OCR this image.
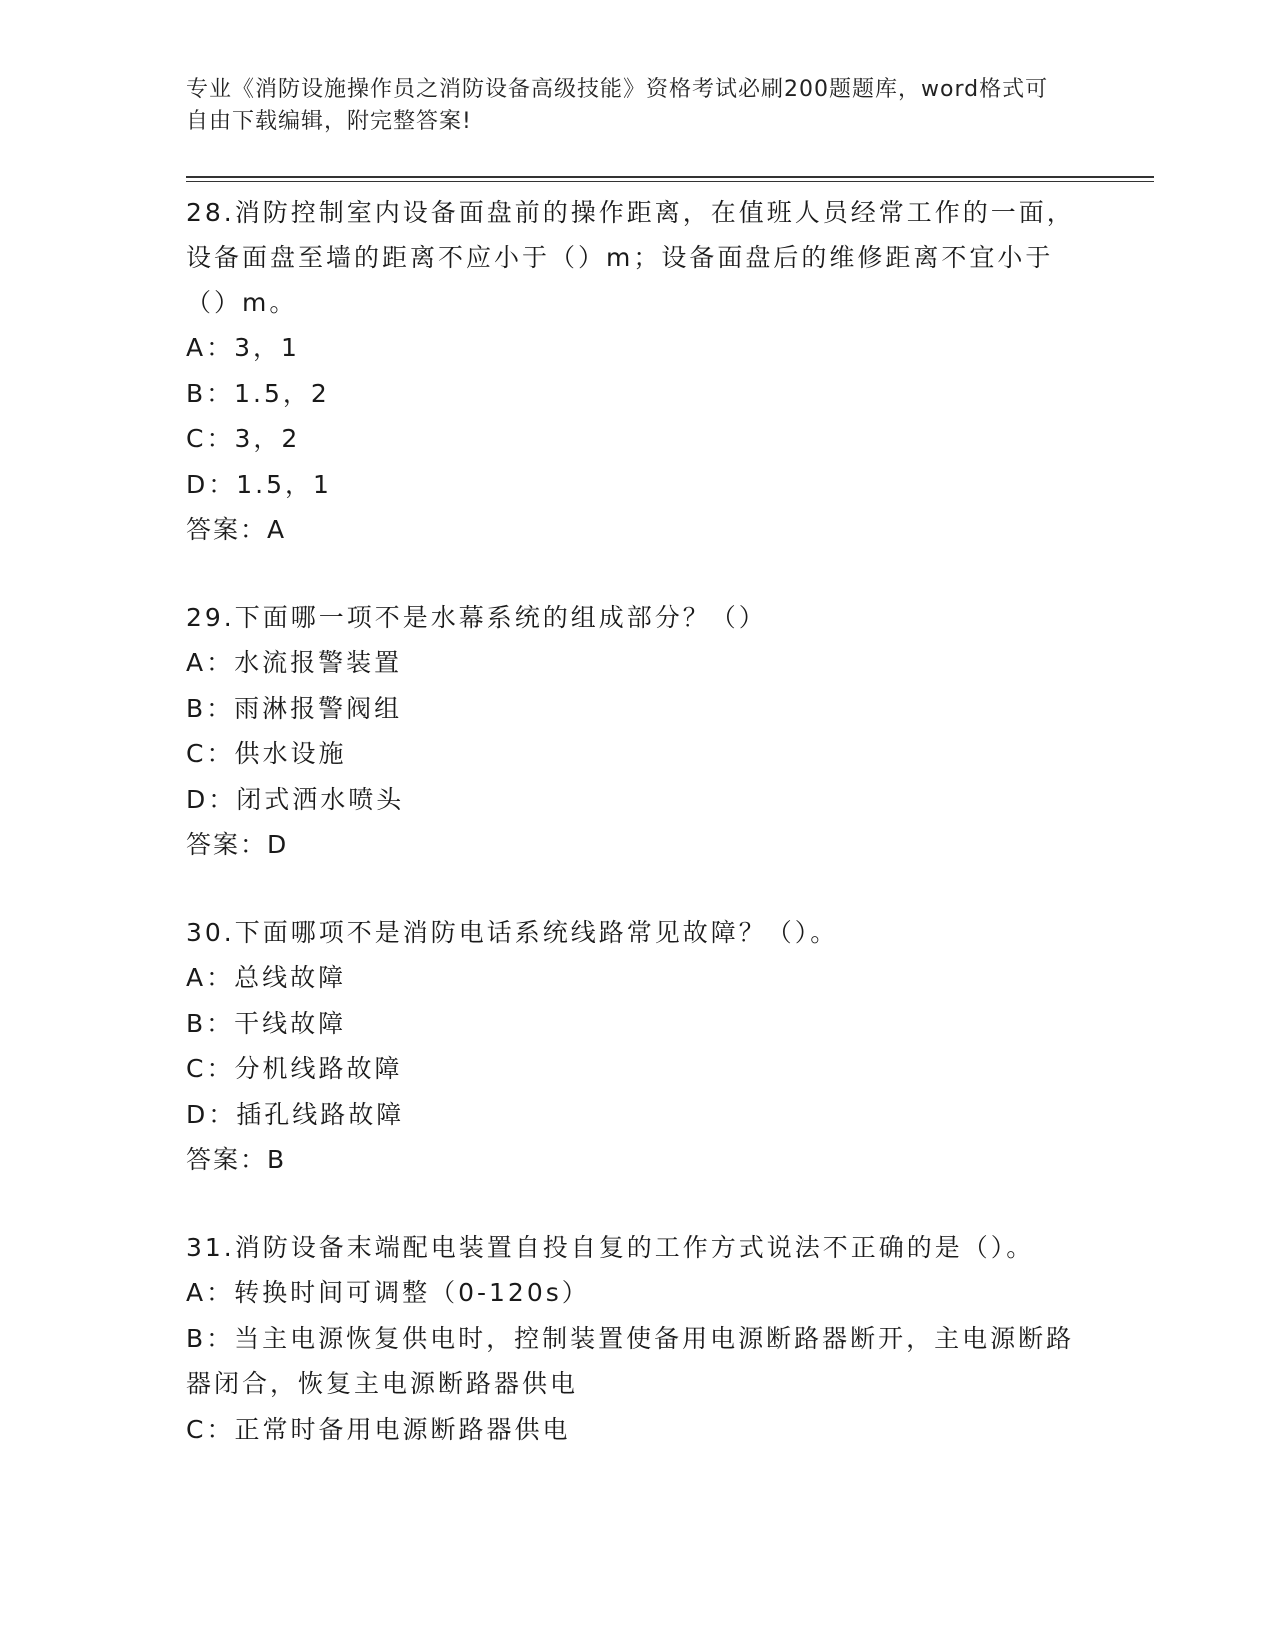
专业《消防设施操作员之消防设备高级技能》资格考试必刷200题题库，word格式可自由下载编辑，附完整答案!

28.消防控制室内设备面盘前的操作距离，在值班人员经常工作的一面，设备面盘至墙的距离不应小于（）m；设备面盘后的维修距离不宜小于（）m。

A：3，1

B：1.5，2

C：3，2

D：1.5，1

答案：A

29.下面哪一项不是水幕系统的组成部分？（）

A：水流报警装置

B：雨淋报警阀组

C：供水设施

D：闭式洒水喷头

答案：D

30.下面哪项不是消防电话系统线路常见故障？（）。

A：总线故障

B：干线故障

C：分机线路故障

D：插孔线路故障

答案：B

31.消防设备末端配电装置自投自复的工作方式说法不正确的是（）。

A：转换时间可调整（0-120s）

B：当主电源恢复供电时，控制装置使备用电源断路器断开，主电源断路器闭合，恢复主电源断路器供电

C：正常时备用电源断路器供电
